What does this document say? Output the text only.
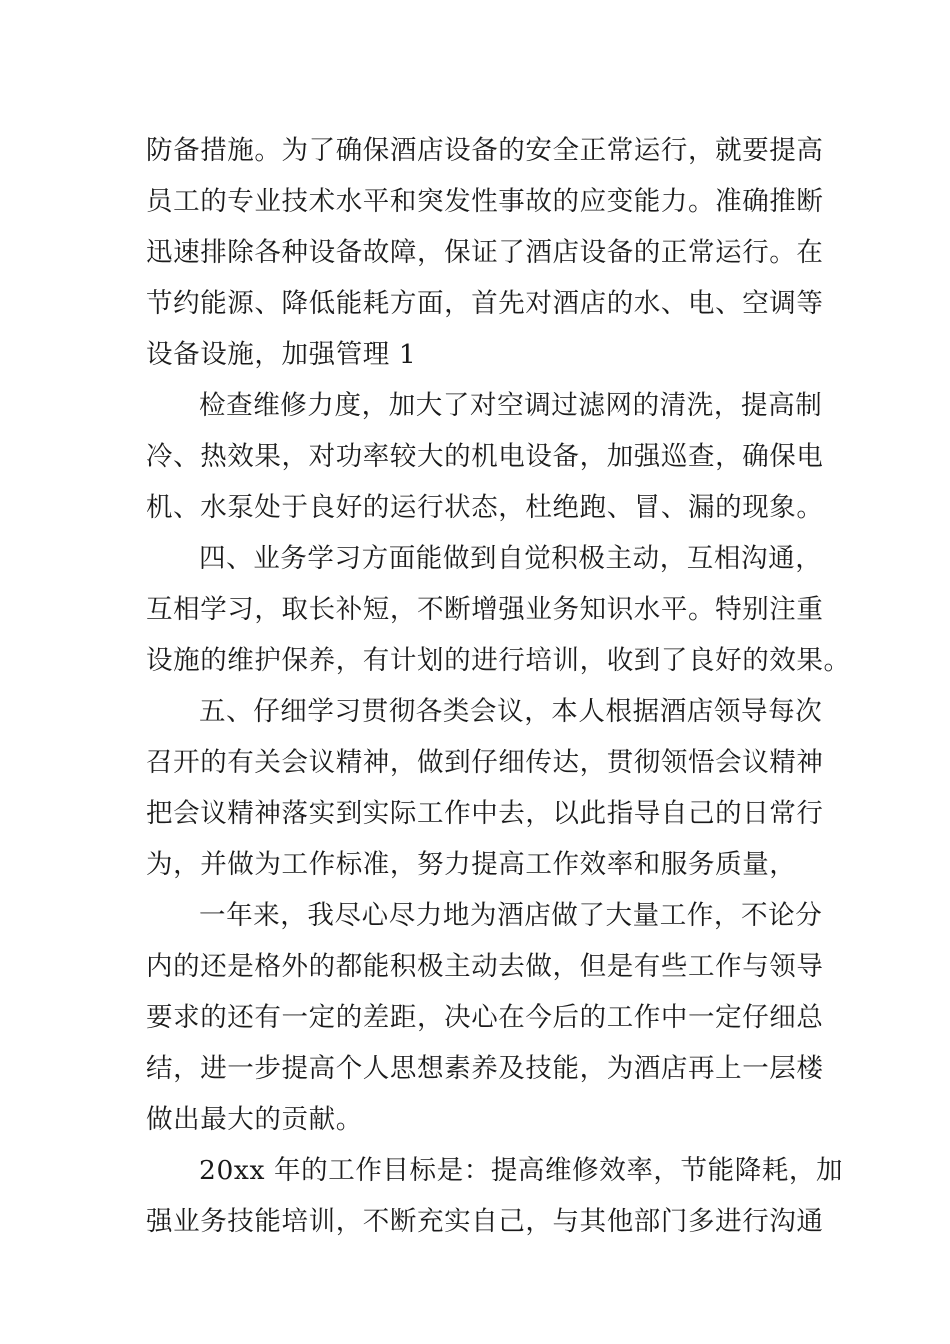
防备措施。为了确保酒店设备的安全正常运行，就要提高
员工的专业技术水平和突发性事故的应变能力。准确推断
迅速排除各种设备故障，保证了酒店设备的正常运行。在
节约能源、降低能耗方面，首先对酒店的水、电、空调等
设备设施，加强管理 1
检查维修力度，加大了对空调过滤网的清洗，提高制
冷、热效果，对功率较大的机电设备，加强巡查，确保电
机、水泵处于良好的运行状态，杜绝跑、冒、漏的现象。
四、业务学习方面能做到自觉积极主动，互相沟通，
互相学习，取长补短，不断增强业务知识水平。特别注重
设施的维护保养，有计划的进行培训，收到了良好的效果。
五、仔细学习贯彻各类会议，本人根据酒店领导每次
召开的有关会议精神，做到仔细传达，贯彻领悟会议精神
把会议精神落实到实际工作中去，以此指导自己的日常行
为，并做为工作标准，努力提高工作效率和服务质量，
一年来，我尽心尽力地为酒店做了大量工作，不论分
内的还是格外的都能积极主动去做，但是有些工作与领导
要求的还有一定的差距，决心在今后的工作中一定仔细总
结，进一步提高个人思想素养及技能，为酒店再上一层楼
做出最大的贡献。
20xx 年的工作目标是：提高维修效率，节能降耗，加
强业务技能培训，不断充实自己，与其他部门多进行沟通
